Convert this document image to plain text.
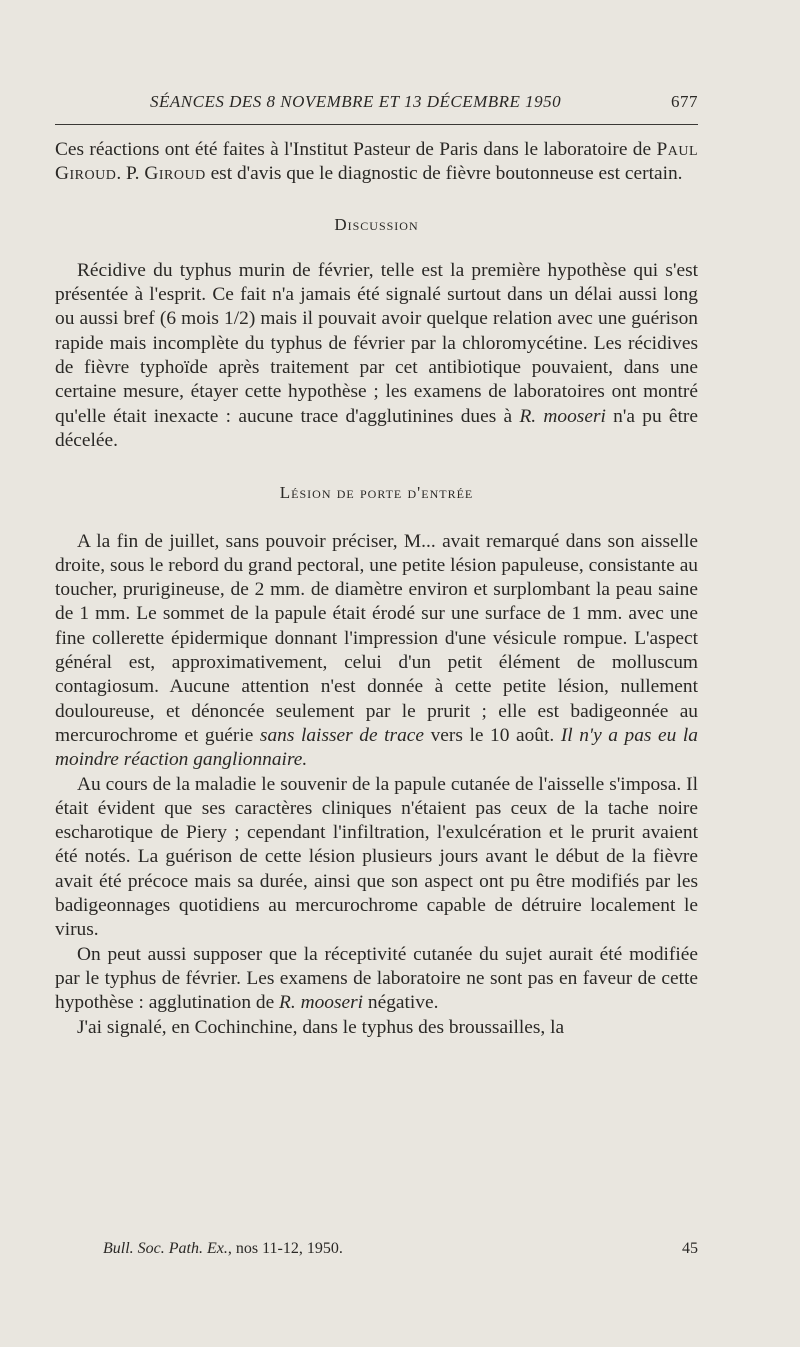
SÉANCES DES 8 NOVEMBRE ET 13 DÉCEMBRE 1950	677

Ces réactions ont été faites à l'Institut Pasteur de Paris dans le laboratoire de Paul Giroud. P. Giroud est d'avis que le diagnostic de fièvre boutonneuse est certain.

Discussion

Récidive du typhus murin de février, telle est la première hypothèse qui s'est présentée à l'esprit. Ce fait n'a jamais été signalé surtout dans un délai aussi long ou aussi bref (6 mois 1/2) mais il pouvait avoir quelque relation avec une guérison rapide mais incomplète du typhus de février par la chloromycétine. Les récidives de fièvre typhoïde après traitement par cet antibiotique pouvaient, dans une certaine mesure, étayer cette hypothèse ; les examens de laboratoires ont montré qu'elle était inexacte : aucune trace d'agglutinines dues à R. mooseri n'a pu être décelée.

Lésion de porte d'entrée

A la fin de juillet, sans pouvoir préciser, M... avait remarqué dans son aisselle droite, sous le rebord du grand pectoral, une petite lésion papuleuse, consistante au toucher, prurigineuse, de 2 mm. de diamètre environ et surplombant la peau saine de 1 mm. Le sommet de la papule était érodé sur une surface de 1 mm. avec une fine collerette épidermique donnant l'impression d'une vésicule rompue. L'aspect général est, approximativement, celui d'un petit élément de molluscum contagiosum. Aucune attention n'est donnée à cette petite lésion, nullement douloureuse, et dénoncée seulement par le prurit ; elle est badigeonnée au mercurochrome et guérie sans laisser de trace vers le 10 août. Il n'y a pas eu la moindre réaction ganglionnaire.

Au cours de la maladie le souvenir de la papule cutanée de l'aisselle s'imposa. Il était évident que ses caractères cliniques n'étaient pas ceux de la tache noire escharotique de Piery ; cependant l'infiltration, l'exulcération et le prurit avaient été notés. La guérison de cette lésion plusieurs jours avant le début de la fièvre avait été précoce mais sa durée, ainsi que son aspect ont pu être modifiés par les badigeonnages quotidiens au mercurochrome capable de détruire localement le virus.

On peut aussi supposer que la réceptivité cutanée du sujet aurait été modifiée par le typhus de février. Les examens de laboratoire ne sont pas en faveur de cette hypothèse : agglutination de R. mooseri négative.

J'ai signalé, en Cochinchine, dans le typhus des broussailles, la

Bull. Soc. Path. Ex., nos 11-12, 1950.	45
